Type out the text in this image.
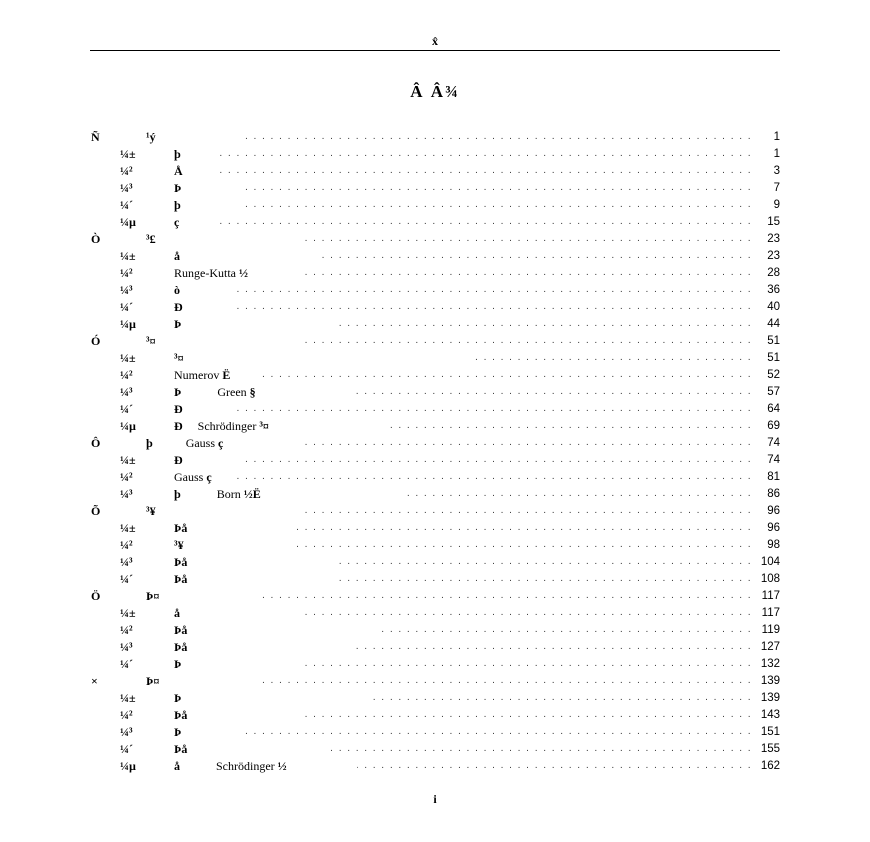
x̂
Â Â¾
Ñ	¹ý . . .	1
¼±	þ . . .	1
¼²	Å . . .	3
¼³	Þ . . .	7
¼´	þ . . .	9
¼µ	ç . . .	15
Ò	³£ . . .	23
¼±	å . . .	23
¼²	Runge-Kutta ½ . . .	28
¼³	ò . . .	36
¼´	Ð . . .	40
¼µ	Þ . . .	44
Ó	³¤ . . .	51
¼±	³¤ . . .	51
¼²	Numerov Ë . . .	52
¼³	Þ            Green § . . .	57
¼´	Ð . . .	64
¼µ	Ð     Schrödinger ³¤ . . .	69
Ô	þ           Gauss ç . . .	74
¼±	Ð . . .	74
¼²	Gauss ç . . .	81
¼³	þ            Born ½Ë . . .	86
Õ	³¥ . . .	96
¼±	Þå . . .	96
¼²	³¥ . . .	98
¼³	Þå . . .	104
¼´	Þå . . .	108
Ö	Þ¤ . . .	117
¼±	å . . .	117
¼²	Þå . . .	119
¼³	Þå . . .	127
¼´	Þ . . .	132
×	Þ¤ . . .	139
¼±	Þ . . .	139
¼²	Þå . . .	143
¼³	Þ . . .	151
¼´	Þå . . .	155
¼µ	å            Schrödinger ½ . . .	162
i
